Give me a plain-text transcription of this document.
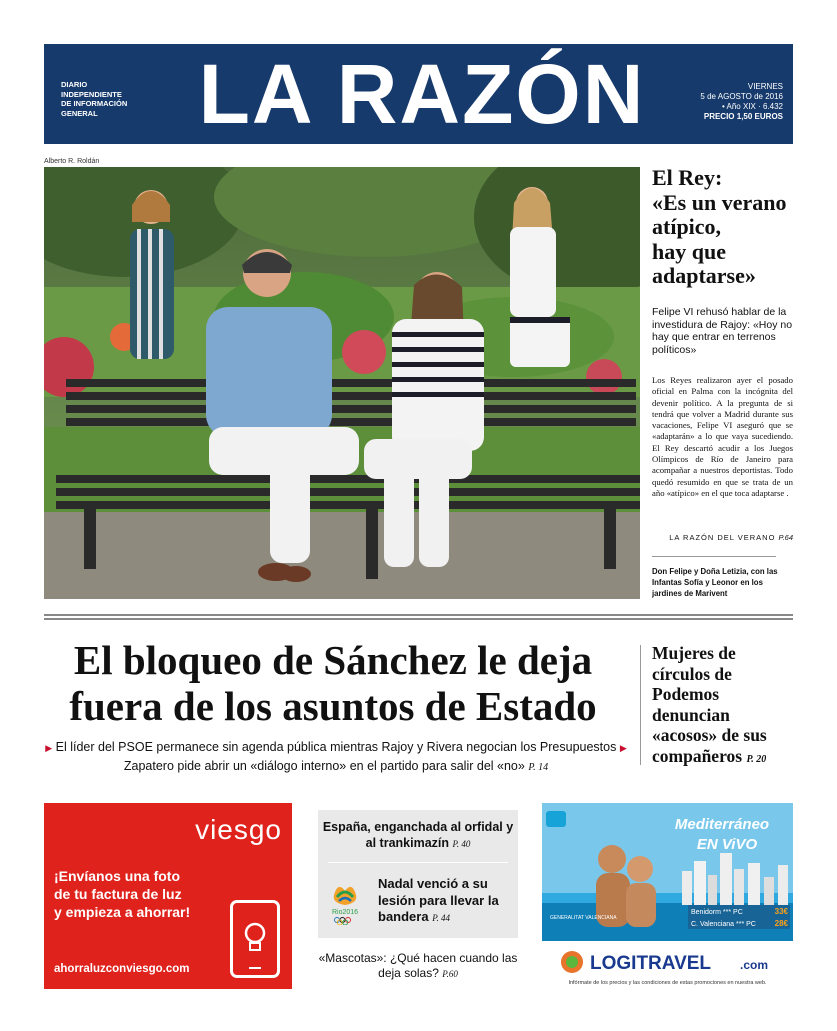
DIARIO
INDEPENDIENTE
DE INFORMACIÓN
GENERAL	LA RAZÓN	VIERNES
5 de AGOSTO de 2016
• Año XIX · 6.432
PRECIO 1,50 EUROS
Alberto R. Roldán
El Rey:
«Es un verano
atípico,
hay que
adaptarse»
Felipe VI rehusó hablar de la investidura de Rajoy: «Hoy no hay que entrar en terrenos políticos»
Los Reyes realizaron ayer el posado oficial en Palma con la incógnita del devenir político. A la pregunta de si tendrá que volver a Madrid durante sus vacaciones, Felipe VI aseguró que se «adaptarán» a lo que vaya sucediendo. El Rey descartó acudir a los Juegos Olímpicos de Río de Janeiro para acompañar a nuestros deportistas. Todo quedó resumido en que se trata de un año «atípico» en el que toca adaptarse .
LA RAZÓN DEL VERANO P.64
Don Felipe y Doña Letizia, con las Infantas Sofía y Leonor en los jardines de Marivent
El bloqueo de Sánchez le deja
fuera de los asuntos de Estado
▶ El líder del PSOE permanece sin agenda pública mientras Rajoy y Rivera negocian los Presupuestos ▶ Zapatero pide abrir un «diálogo interno» en el partido para salir del «no» P. 14
Mujeres de círculos de Podemos denuncian «acosos» de sus compañeros P. 20
viesgo
¡Envíanos una foto
de tu factura de luz
y empieza a ahorrar!
ahorraluzconviesgo.com
España, enganchada al orfidal y al trankimazín P. 40
Rio2016
Nadal venció a su lesión para llevar la bandera P. 44
«Mascotas»: ¿Qué hacen cuando las deja solas? P.60
Mediterráneo
EN ViVO
Benidorm *** PC	33€
C. Valenciana *** PC 28€
GENERALITAT VALENCIANA
LOGITRAVEL .com
Infórmate de los precios y las condiciones de estas promociones en nuestra web.
